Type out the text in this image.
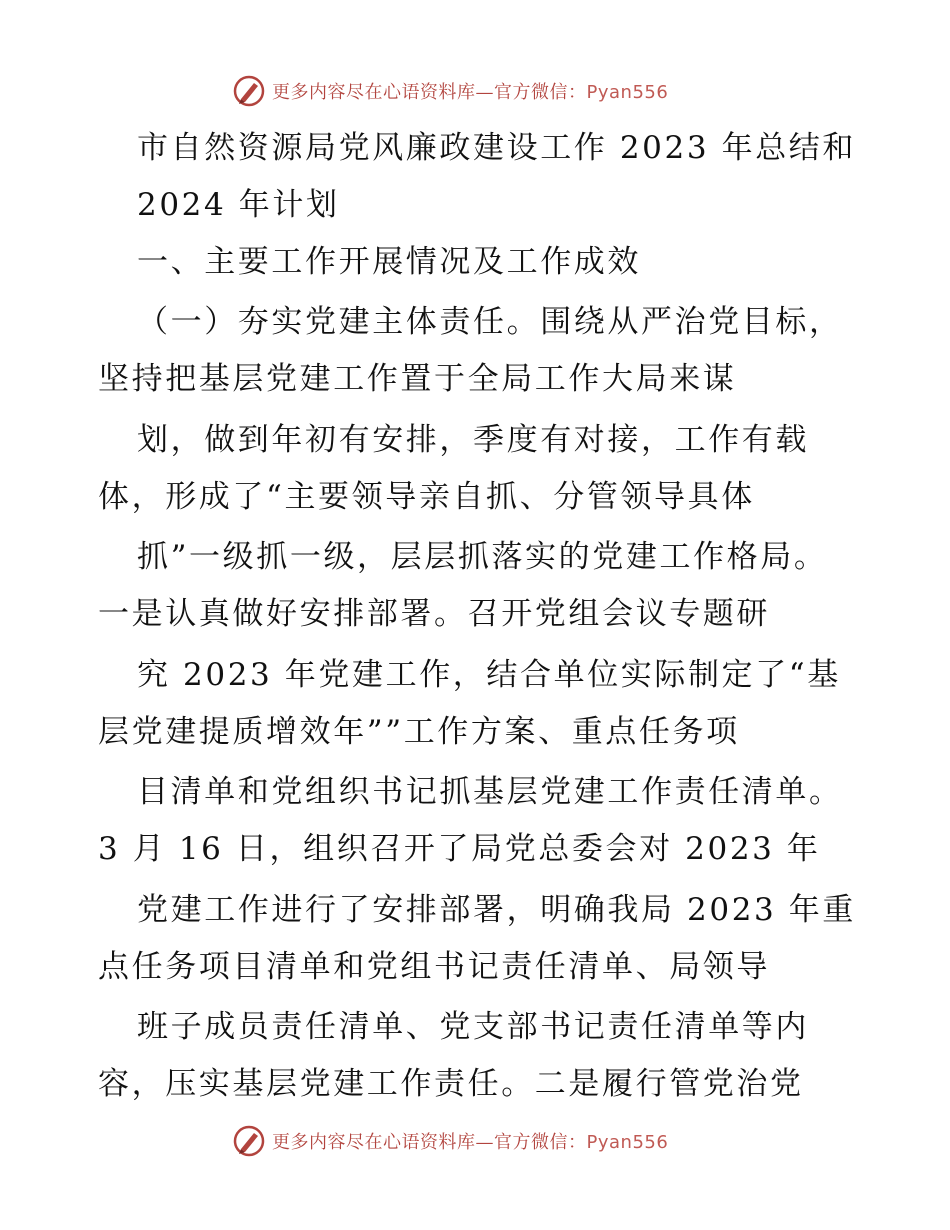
更多内容尽在心语资料库—官方微信：Pyan556
市自然资源局党风廉政建设工作 2023 年总结和
2024 年计划
一、主要工作开展情况及工作成效
（一）夯实党建主体责任。围绕从严治党目标，
坚持把基层党建工作置于全局工作大局来谋
划，做到年初有安排，季度有对接，工作有载
体，形成了“主要领导亲自抓、分管领导具体
抓”一级抓一级，层层抓落实的党建工作格局。
一是认真做好安排部署。召开党组会议专题研
究 2023 年党建工作，结合单位实际制定了“基
层党建提质增效年””工作方案、重点任务项
目清单和党组织书记抓基层党建工作责任清单。
3 月 16 日，组织召开了局党总委会对 2023 年
党建工作进行了安排部署，明确我局 2023 年重
点任务项目清单和党组书记责任清单、局领导
班子成员责任清单、党支部书记责任清单等内
容，压实基层党建工作责任。二是履行管党治党
更多内容尽在心语资料库—官方微信：Pyan556
